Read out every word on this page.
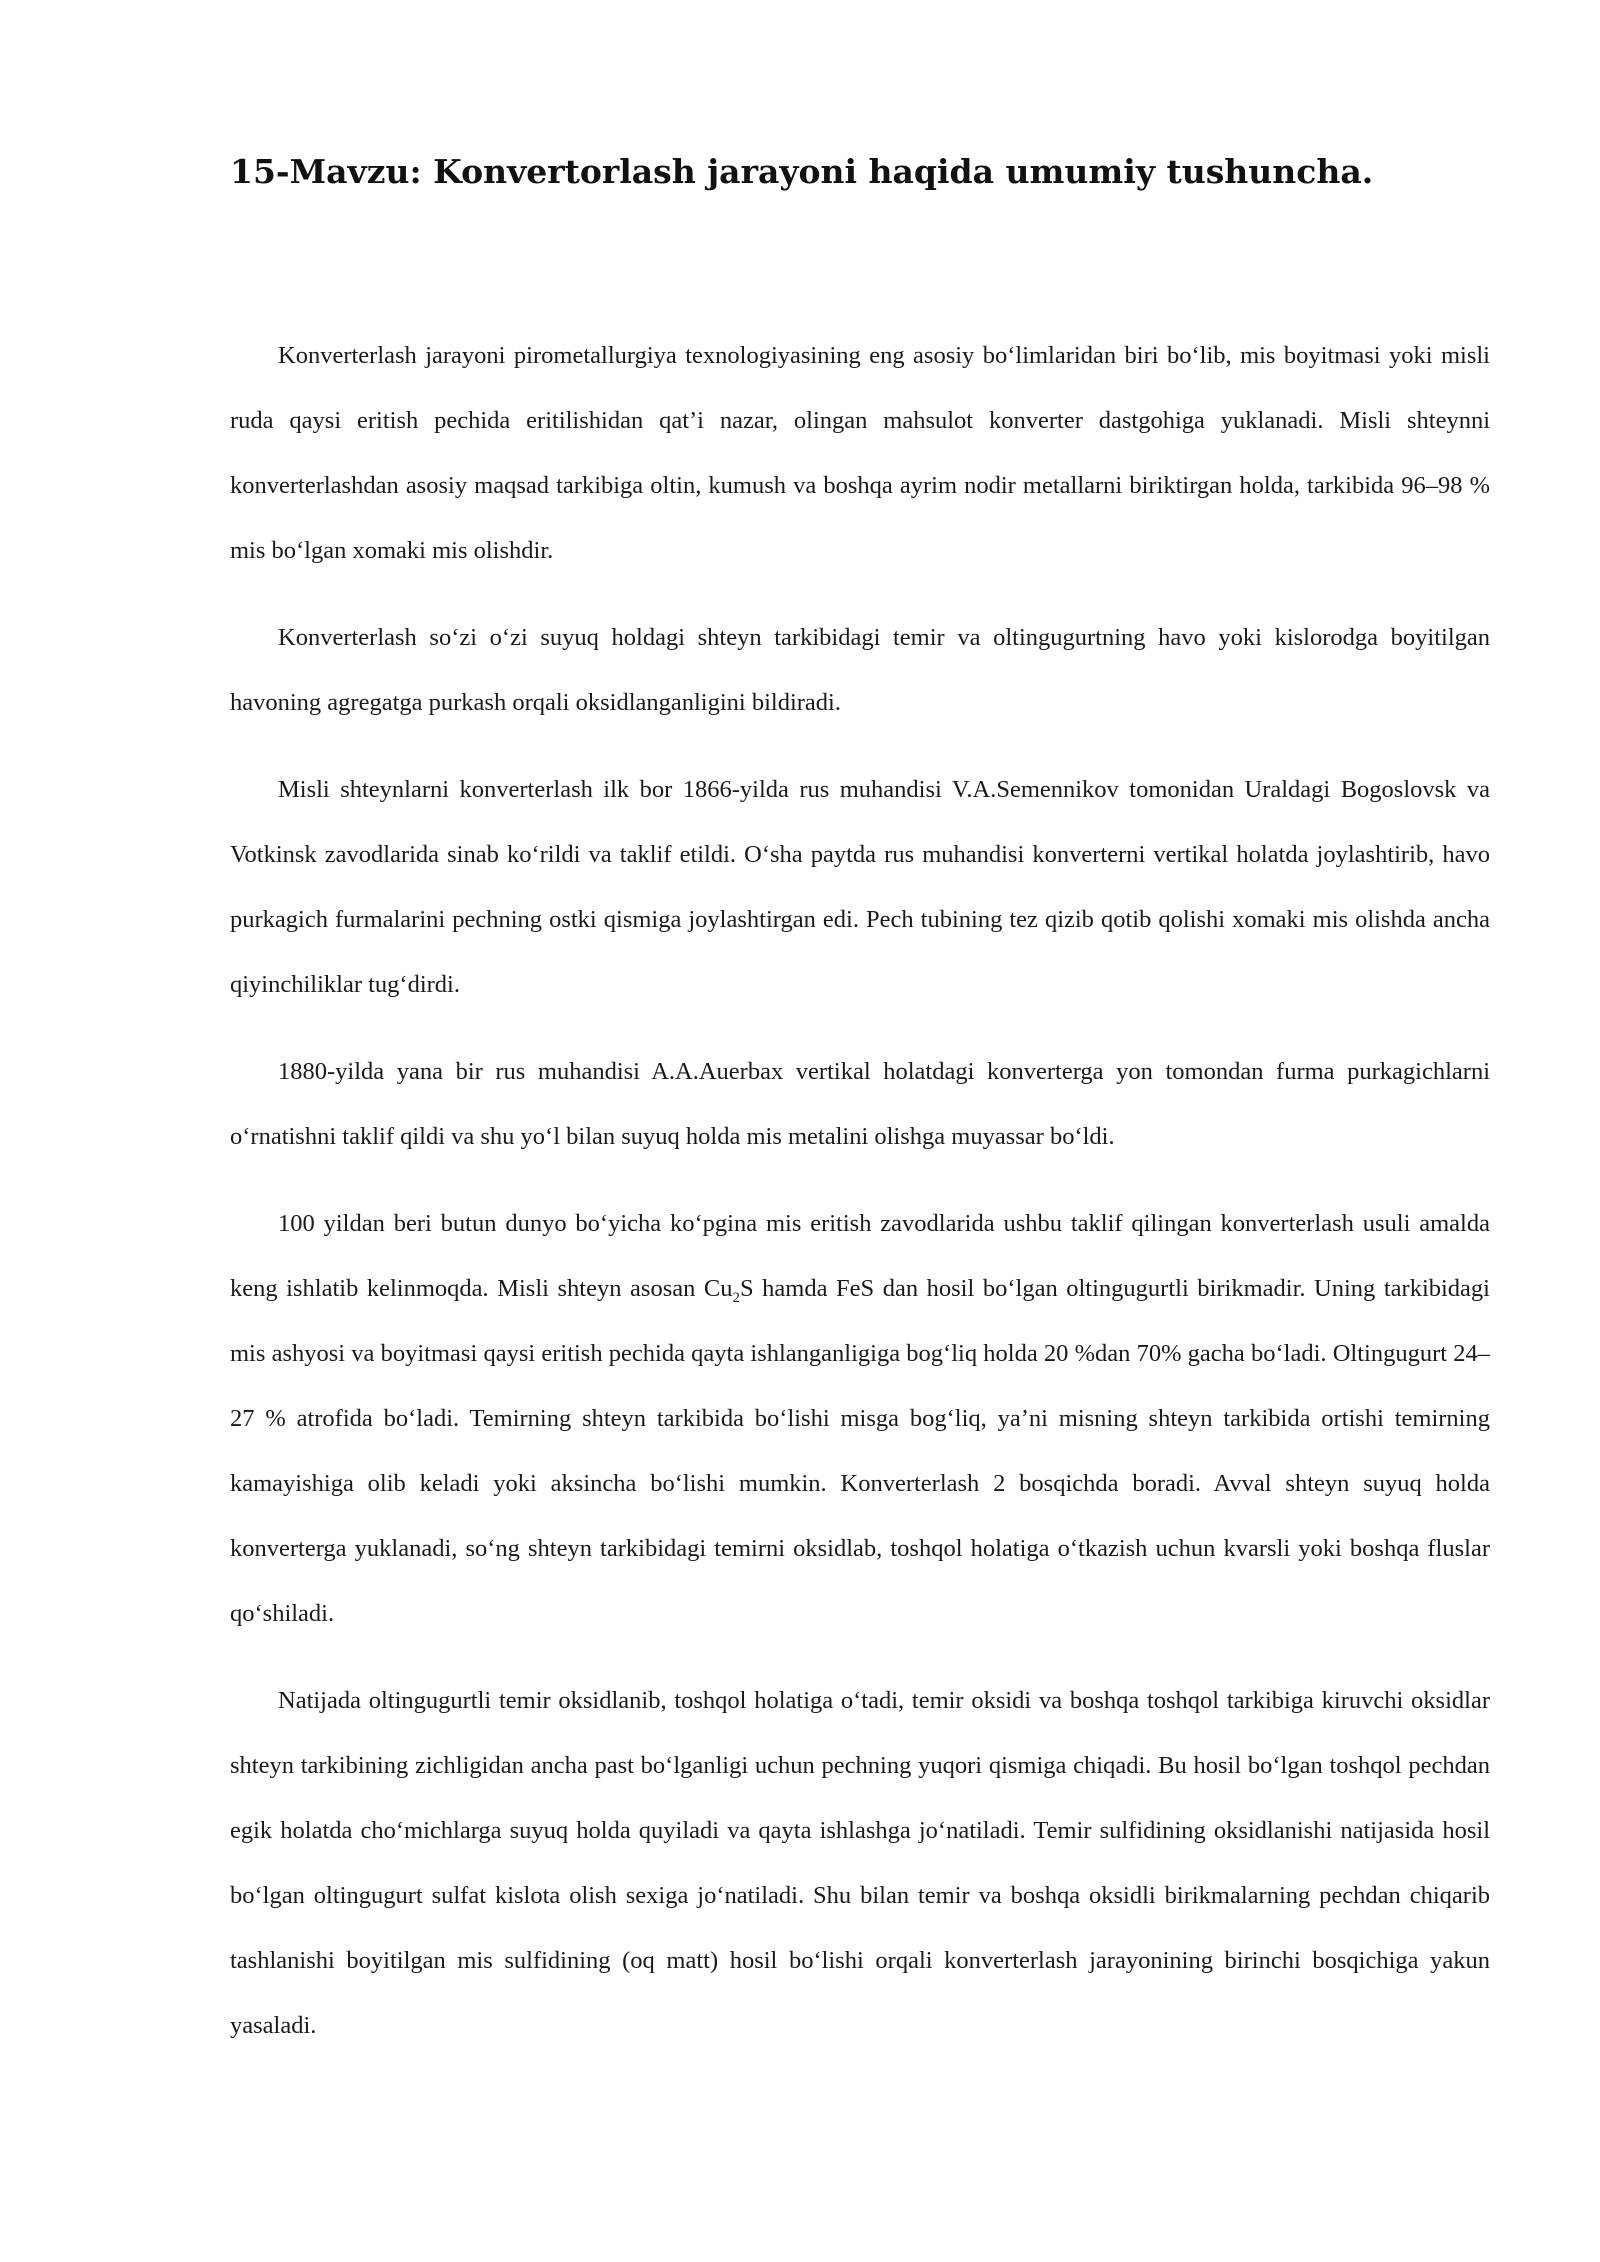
15-Mavzu: Konvertorlash jarayoni haqida umumiy tushuncha.

Konverterlash jarayoni pirometallurgiya texnologiyasining eng asosiy bo‘limlaridan biri bo‘lib, mis boyitmasi yoki misli ruda qaysi eritish pechida eritilishidan qat’i nazar, olingan mahsulot konverter dastgohiga yuklanadi. Misli shteynni konverterlashdan asosiy maqsad tarkibiga oltin, kumush va boshqa ayrim nodir metallarni biriktirgan holda, tarkibida 96–98 % mis bo‘lgan xomaki mis olishdir.

Konverterlash so‘zi o‘zi suyuq holdagi shteyn tarkibidagi temir va oltingugurtning havo yoki kislorodga boyitilgan havoning agregatga purkash orqali oksidlanganligini bildiradi.

Misli shteynlarni konverterlash ilk bor 1866-yilda rus muhandisi V.A.Semennikov tomonidan Uraldagi Bogoslovsk va Votkinsk zavodlarida sinab ko‘rildi va taklif etildi. O‘sha paytda rus muhandisi konverterni vertikal holatda joylashtirib, havo purkagich furmalarini pechning ostki qismiga joylashtirgan edi. Pech tubining tez qizib qotib qolishi xomaki mis olishda ancha qiyinchiliklar tug‘dirdi.

1880-yilda yana bir rus muhandisi A.A.Auerbax vertikal holatdagi konverterga yon tomondan furma purkagichlarni o‘rnatishni taklif qildi va shu yo‘l bilan suyuq holda mis metalini olishga muyassar bo‘ldi.

100 yildan beri butun dunyo bo‘yicha ko‘pgina mis eritish zavodlarida ushbu taklif qilingan konverterlash usuli amalda keng ishlatib kelinmoqda. Misli shteyn asosan $Cu_2S$ hamda FeS dan hosil bo‘lgan oltingugurtli birikmadir. Uning tarkibidagi mis ashyosi va boyitmasi qaysi eritish pechida qayta ishlanganligiga bog‘liq holda 20 %dan 70% gacha bo‘ladi. Oltingugurt 24–27 % atrofida bo‘ladi. Temirning shteyn tarkibida bo‘lishi misga bog‘liq, ya’ni misning shteyn tarkibida ortishi temirning kamayishiga olib keladi yoki aksincha bo‘lishi mumkin. Konverterlash 2 bosqichda boradi. Avval shteyn suyuq holda konverterga yuklanadi, so‘ng shteyn tarkibidagi temirni oksidlab, toshqol holatiga o‘tkazish uchun kvarsli yoki boshqa fluslar qo‘shiladi.

Natijada oltingugurtli temir oksidlanib, toshqol holatiga o‘tadi, temir oksidi va boshqa toshqol tarkibiga kiruvchi oksidlar shteyn tarkibining zichligidan ancha past bo‘lganligi uchun pechning yuqori qismiga chiqadi. Bu hosil bo‘lgan toshqol pechdan egik holatda cho‘michlarga suyuq holda quyiladi va qayta ishlashga jo‘natiladi. Temir sulfidining oksidlanishi natijasida hosil bo‘lgan oltingugurt sulfat kislota olish sexiga jo‘natiladi. Shu bilan temir va boshqa oksidli birikmalarning pechdan chiqarib tashlanishi boyitilgan mis sulfidining (oq matt) hosil bo‘lishi orqali konverterlash jarayonining birinchi bosqichiga yakun yasaladi.
